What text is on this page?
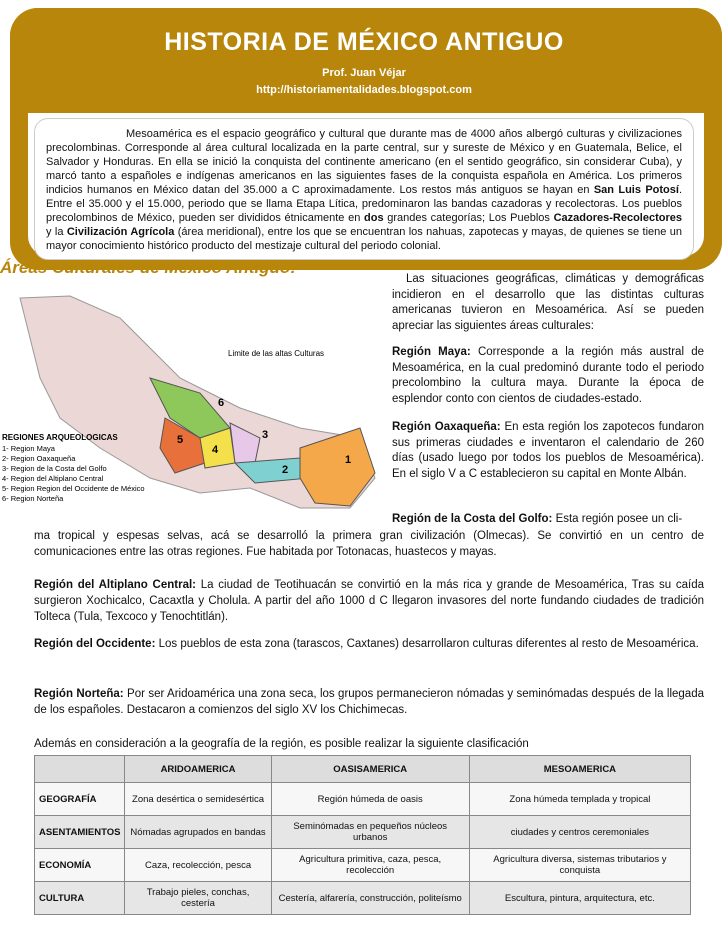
HISTORIA DE MÉXICO ANTIGUO
Prof. Juan Véjar
http://historiamentalidades.blogspot.com
Mesoamérica es el espacio geográfico y cultural que durante mas de 4000 años albergó culturas y civilizaciones precolombinas. Corresponde al área cultural localizada en la parte central, sur y sureste de México y en Guatemala, Belice, el Salvador y Honduras. En ella se inició la conquista del continente americano (en el sentido geográfico, sin considerar Cuba), y marcó tanto a españoles e indígenas americanos en las siguientes fases de la conquista española en América. Los primeros indicios humanos en México datan del 35.000 a C aproximadamente. Los restos más antiguos se hayan en San Luis Potosí. Entre el 35.000 y el 15.000, periodo que se llama Etapa Lítica, predominaron las bandas cazadoras y recolectoras. Los pueblos precolombinos de México, pueden ser divididos étnicamente en dos grandes categorías; Los Pueblos Cazadores-Recolectores y la Civilización Agrícola (área meridional), entre los que se encuentran los nahuas, zapotecas y mayas, de quienes se tiene un mayor conocimiento histórico producto del mestizaje cultural del periodo colonial.
Áreas Culturales de México Antiguo:
1
2
3
4
5
6
Limite de las altas Culturas
REGIONES ARQUEOLOGICAS
1- Region Maya
2- Region Oaxaqueña
3- Region de la Costa del Golfo
4- Region del Altiplano Central
5- Region Region del Occidente de México
6- Region Norteña
Las situaciones geográficas, climáticas y demográficas incidieron en el desarrollo que las distintas culturas americanas tuvieron en Mesoamérica. Así se pueden apreciar las siguientes áreas culturales:
Región Maya: Corresponde a la región más austral de Mesoamérica, en la cual predominó durante todo el periodo precolombino la cultura maya. Durante la época de esplendor conto con cientos de ciudades-estado.
Región Oaxaqueña: En esta región los zapotecos fundaron sus primeras ciudades e inventaron el calendario de 260 días (usado luego por todos los pueblos de Mesoamérica). En el siglo V a C establecieron su capital en Monte Albán.
Región de la Costa del Golfo: Esta región posee un cli-
ma tropical y espesas selvas, acá se desarrolló la primera gran civilización (Olmecas). Se convirtió en un centro de comunicaciones entre las otras regiones. Fue habitada por Totonacas, huastecos y mayas.
Región del Altiplano Central: La ciudad de Teotihuacán se convirtió en la más rica y grande de Mesoamérica, Tras su caída surgieron Xochicalco, Cacaxtla y Cholula. A partir del año 1000 d C llegaron invasores del norte fundando ciudades de tradición Tolteca (Tula, Texcoco y Tenochtitlán).
Región del Occidente: Los pueblos de esta zona (tarascos, Caxtanes) desarrollaron culturas diferentes al resto de Mesoamérica.
Región Norteña: Por ser Aridoamérica una zona seca, los grupos permanecieron nómadas y seminómadas después de la llegada de los españoles. Destacaron a comienzos del siglo XV los Chichimecas.
Además en consideración a la geografía de la región, es posible realizar la siguiente clasificación
	ARIDOAMERICA	OASISAMERICA	MESOAMERICA
GEOGRAFÍA	Zona desértica o semidesértica	Región húmeda de oasis	Zona húmeda templada y tropical
ASENTAMIENTOS	Nómadas agrupados en bandas	Seminómadas en pequeños núcleos urbanos	ciudades y centros ceremoniales
ECONOMÍA	Caza, recolección, pesca	Agricultura primitiva, caza, pesca, recolección	Agricultura diversa, sistemas tributarios y conquista
CULTURA	Trabajo pieles, conchas, cestería	Cestería, alfarería, construcción, politeísmo	Escultura, pintura, arquitectura, etc.
